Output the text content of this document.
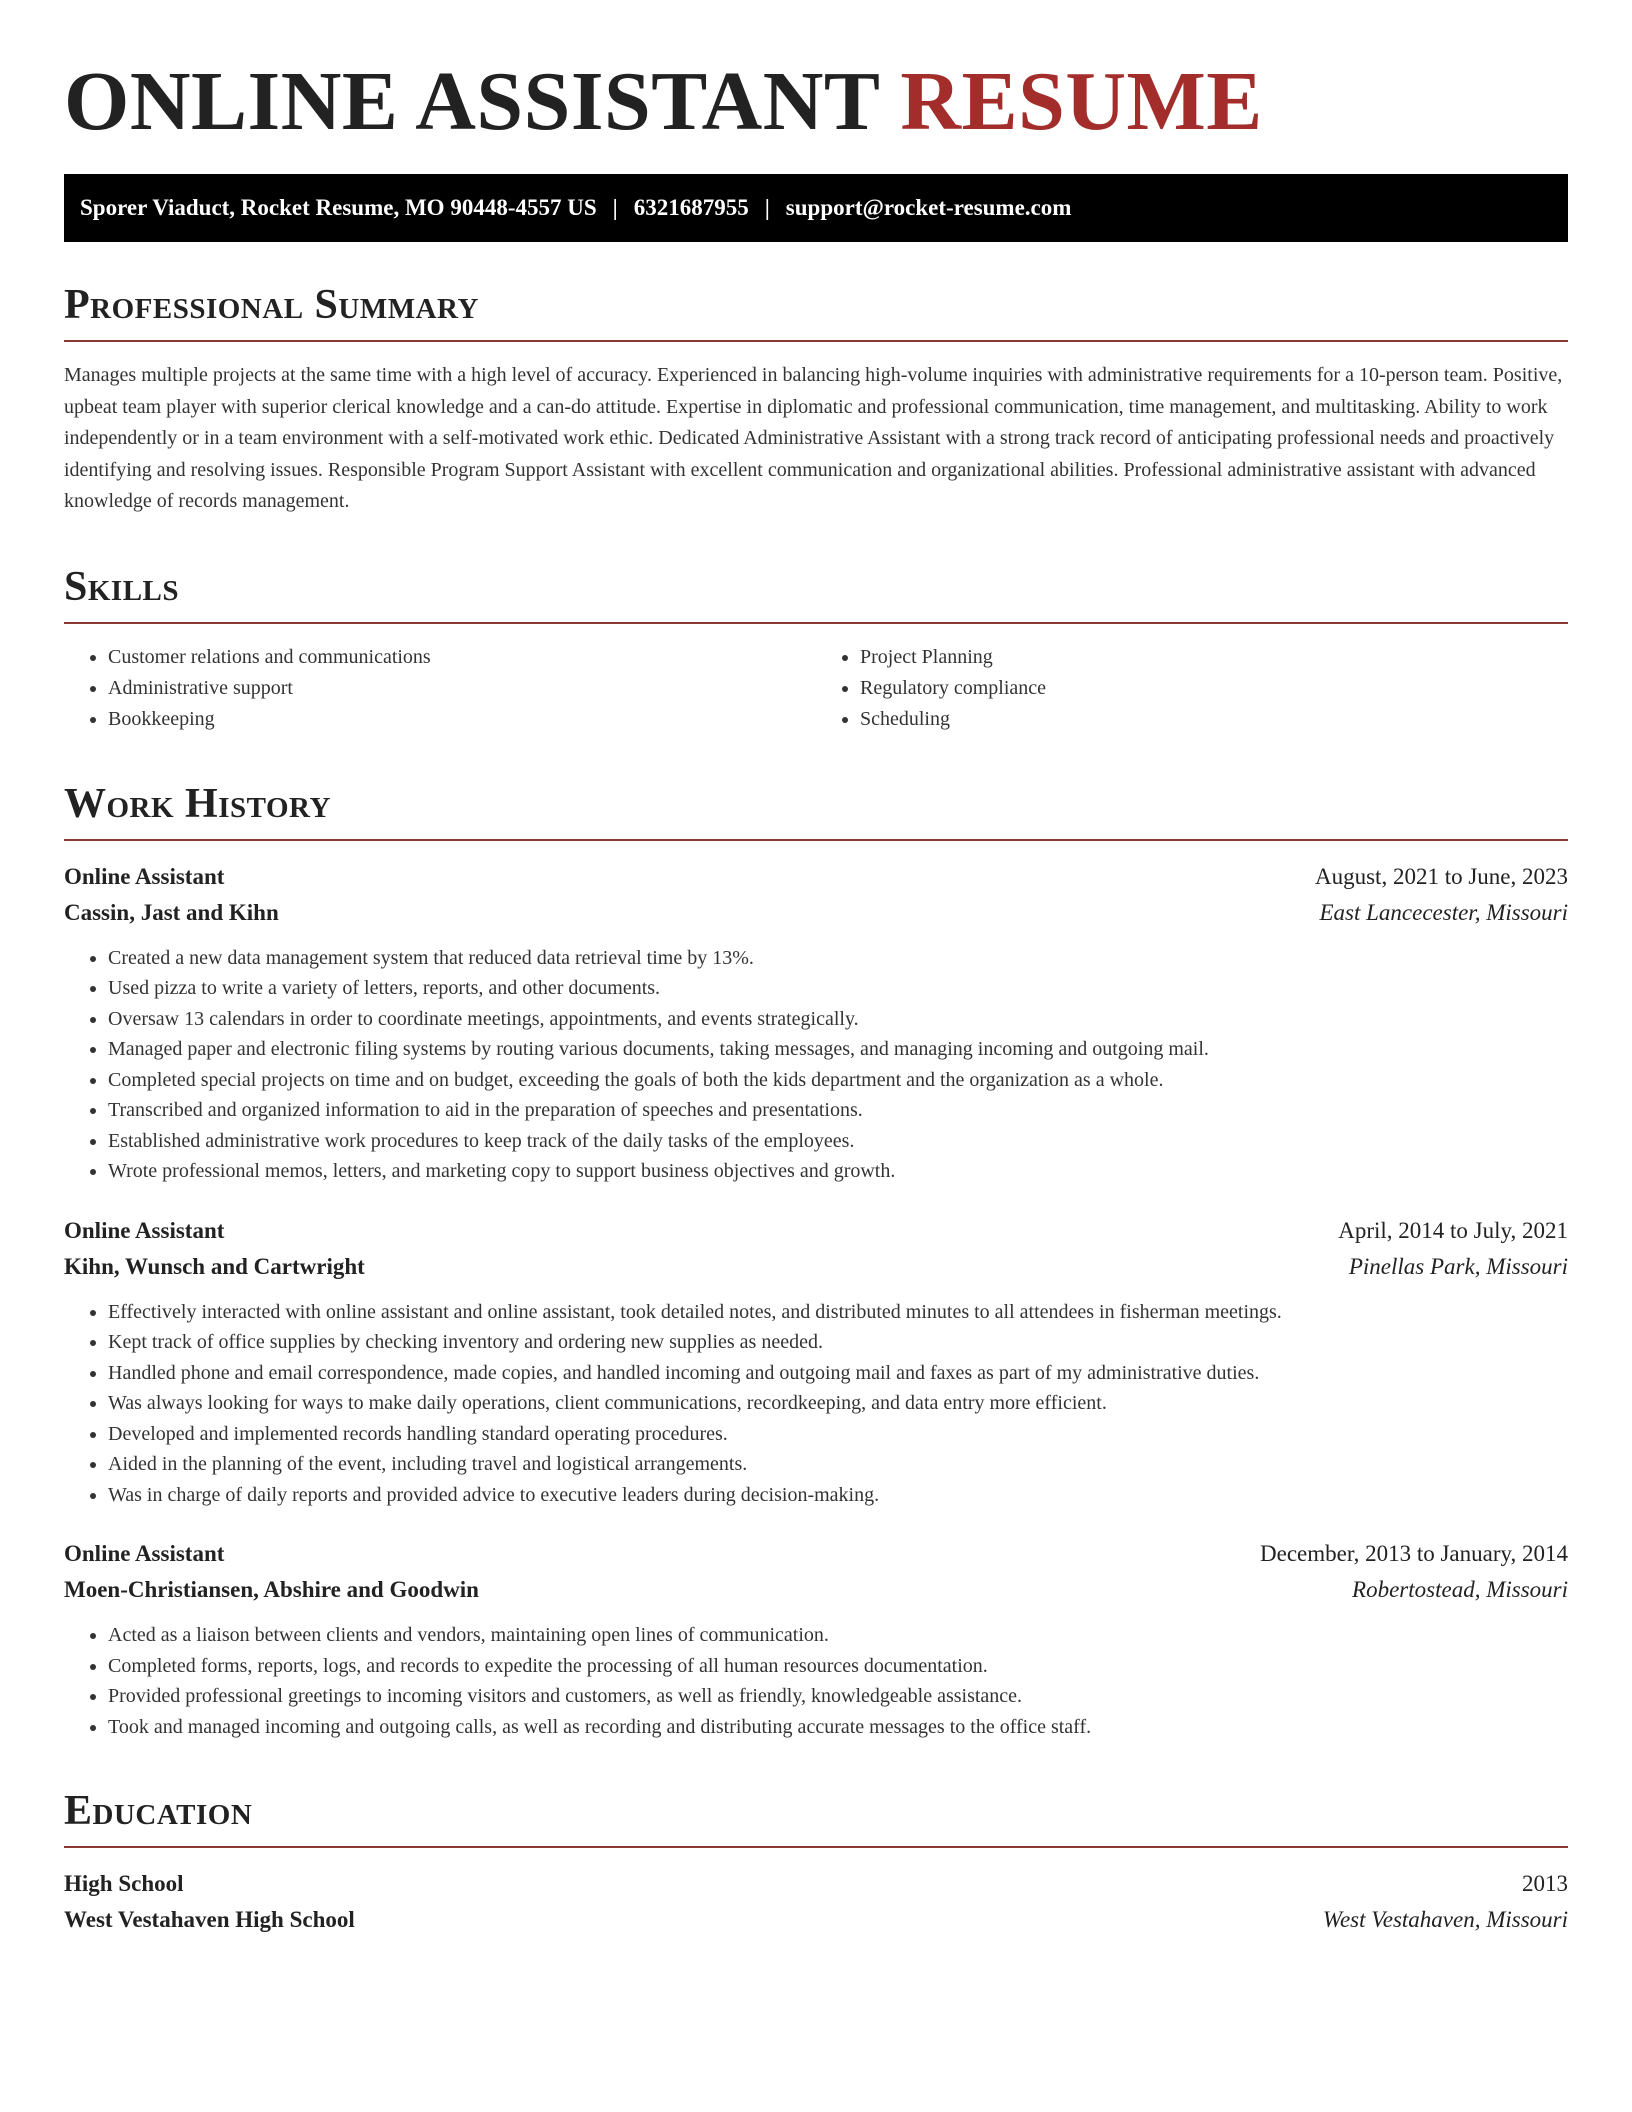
ONLINE ASSISTANT RESUME
Sporer Viaduct, Rocket Resume, MO 90448-4557 US | 6321687955 | support@rocket-resume.com
Professional Summary

Manages multiple projects at the same time with a high level of accuracy. Experienced in balancing high-volume inquiries with administrative requirements for a 10-person team. Positive, upbeat team player with superior clerical knowledge and a can-do attitude. Expertise in diplomatic and professional communication, time management, and multitasking. Ability to work independently or in a team environment with a self-motivated work ethic. Dedicated Administrative Assistant with a strong track record of anticipating professional needs and proactively identifying and resolving issues. Responsible Program Support Assistant with excellent communication and organizational abilities. Professional administrative assistant with advanced knowledge of records management.

Skills
• Customer relations and communications
• Administrative support
• Bookkeeping
• Project Planning
• Regulatory compliance
• Scheduling
Work History
Online Assistant	August, 2021 to June, 2023
Cassin, Jast and Kihn	East Lancecester, Missouri
• Created a new data management system that reduced data retrieval time by 13%.
• Used pizza to write a variety of letters, reports, and other documents.
• Oversaw 13 calendars in order to coordinate meetings, appointments, and events strategically.
• Managed paper and electronic filing systems by routing various documents, taking messages, and managing incoming and outgoing mail.
• Completed special projects on time and on budget, exceeding the goals of both the kids department and the organization as a whole.
• Transcribed and organized information to aid in the preparation of speeches and presentations.
• Established administrative work procedures to keep track of the daily tasks of the employees.
• Wrote professional memos, letters, and marketing copy to support business objectives and growth.
Online Assistant	April, 2014 to July, 2021
Kihn, Wunsch and Cartwright	Pinellas Park, Missouri
• Effectively interacted with online assistant and online assistant, took detailed notes, and distributed minutes to all attendees in fisherman meetings.
• Kept track of office supplies by checking inventory and ordering new supplies as needed.
• Handled phone and email correspondence, made copies, and handled incoming and outgoing mail and faxes as part of my administrative duties.
• Was always looking for ways to make daily operations, client communications, recordkeeping, and data entry more efficient.
• Developed and implemented records handling standard operating procedures.
• Aided in the planning of the event, including travel and logistical arrangements.
• Was in charge of daily reports and provided advice to executive leaders during decision-making.
Online Assistant	December, 2013 to January, 2014
Moen-Christiansen, Abshire and Goodwin	Robertostead, Missouri
• Acted as a liaison between clients and vendors, maintaining open lines of communication.
• Completed forms, reports, logs, and records to expedite the processing of all human resources documentation.
• Provided professional greetings to incoming visitors and customers, as well as friendly, knowledgeable assistance.
• Took and managed incoming and outgoing calls, as well as recording and distributing accurate messages to the office staff.
Education
High School	2013
West Vestahaven High School	West Vestahaven, Missouri
